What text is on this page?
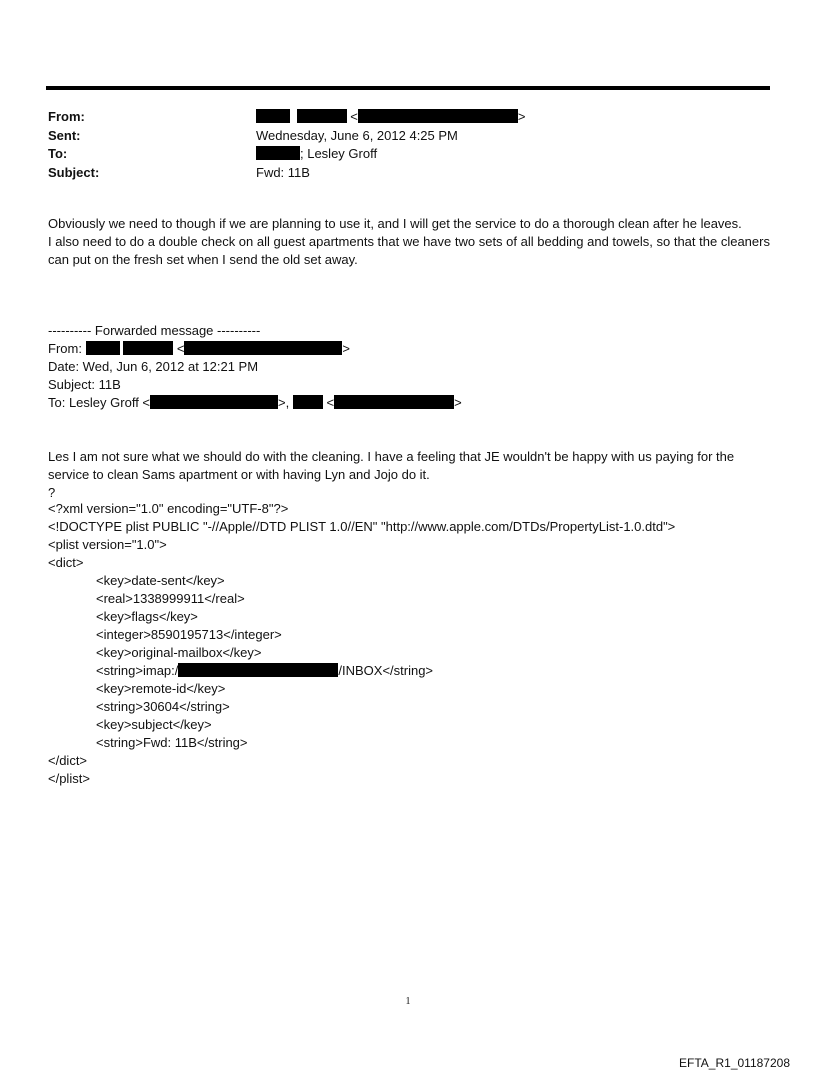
From:	<	>
Sent:	Wednesday, June 6, 2012 4:25 PM
To:	; Lesley Groff
Subject:	Fwd: 11B

Obviously we need to though if we are planning to use it, and I will get the service to do a thorough clean after he leaves.

I also need to do a double check on all guest apartments that we have two sets of all bedding and towels, so that the cleaners can put on the fresh set when I send the old set away.

---------- Forwarded message ----------
From:	<	>
Date: Wed, Jun 6, 2012 at 12:21 PM
Subject: 11B
To: Lesley Groff <	>,	<	>

Les I am not sure what we should do with the cleaning. I have a feeling that JE wouldn't be happy with us paying for the service to clean Sams apartment or with having Lyn and Jojo do it.

?

<?xml version="1.0" encoding="UTF-8"?>
<!DOCTYPE plist PUBLIC "-//Apple//DTD PLIST 1.0//EN" "http://www.apple.com/DTDs/PropertyList-1.0.dtd">
<plist version="1.0">
<dict>
<key>date-sent</key>
<real>1338999911</real>
<key>flags</key>
<integer>8590195713</integer>
<key>original-mailbox</key>
<string>imap:/	/INBOX</string>
<key>remote-id</key>
<string>30604</string>
<key>subject</key>
<string>Fwd: 11B</string>
</dict>
</plist>
1
EFTA_R1_01187208
